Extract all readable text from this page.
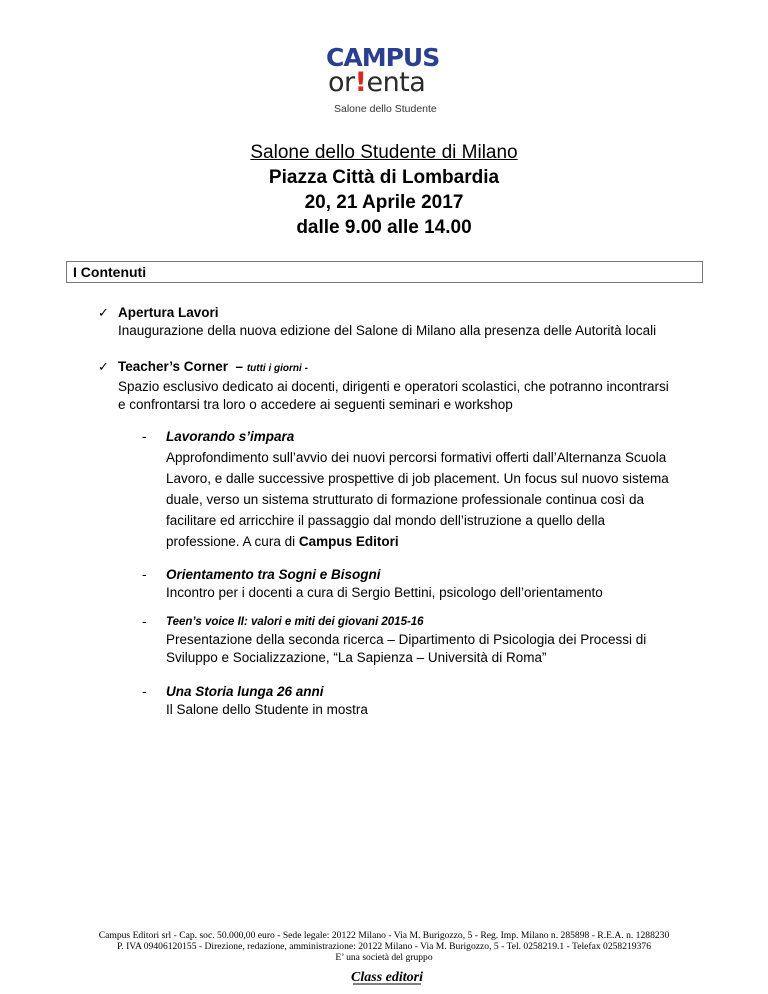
CAMPUS
or!enta
Salone dello Studente
Salone dello Studente di Milano
Piazza Città di Lombardia
20, 21 Aprile 2017
dalle 9.00 alle 14.00
I Contenuti
✓ Apertura Lavori
Inaugurazione della nuova edizione del Salone di Milano alla presenza delle Autorità locali
✓ Teacher’s Corner  – tutti i giorni -
Spazio esclusivo dedicato ai docenti, dirigenti e operatori scolastici, che potranno incontrarsi e confrontarsi tra loro o accedere ai seguenti seminari e workshop
- Lavorando s’impara
Approfondimento sull’avvio dei nuovi percorsi formativi offerti dall’Alternanza Scuola Lavoro, e dalle successive prospettive di job placement. Un focus sul nuovo sistema duale, verso un sistema strutturato di formazione professionale continua così da facilitare ed arricchire il passaggio dal mondo dell’istruzione a quello della professione. A cura di Campus Editori
- Orientamento tra Sogni e Bisogni
Incontro per i docenti a cura di Sergio Bettini, psicologo dell’orientamento
- Teen’s voice II: valori e miti dei giovani 2015-16
Presentazione della seconda ricerca – Dipartimento di Psicologia dei Processi di Sviluppo e Socializzazione, “La Sapienza – Università di Roma”
- Una Storia lunga 26 anni
Il Salone dello Studente in mostra
Campus Editori srl - Cap. soc. 50.000,00 euro - Sede legale: 20122 Milano - Via M. Burigozzo, 5 - Reg. Imp. Milano n. 285898 - R.E.A. n. 1288230
P. IVA 09406120155 - Direzione, redazione, amministrazione: 20122 Milano - Via M. Burigozzo, 5 - Tel. 0258219.1 - Telefax 0258219376
E’ una società del gruppo
Class editori
